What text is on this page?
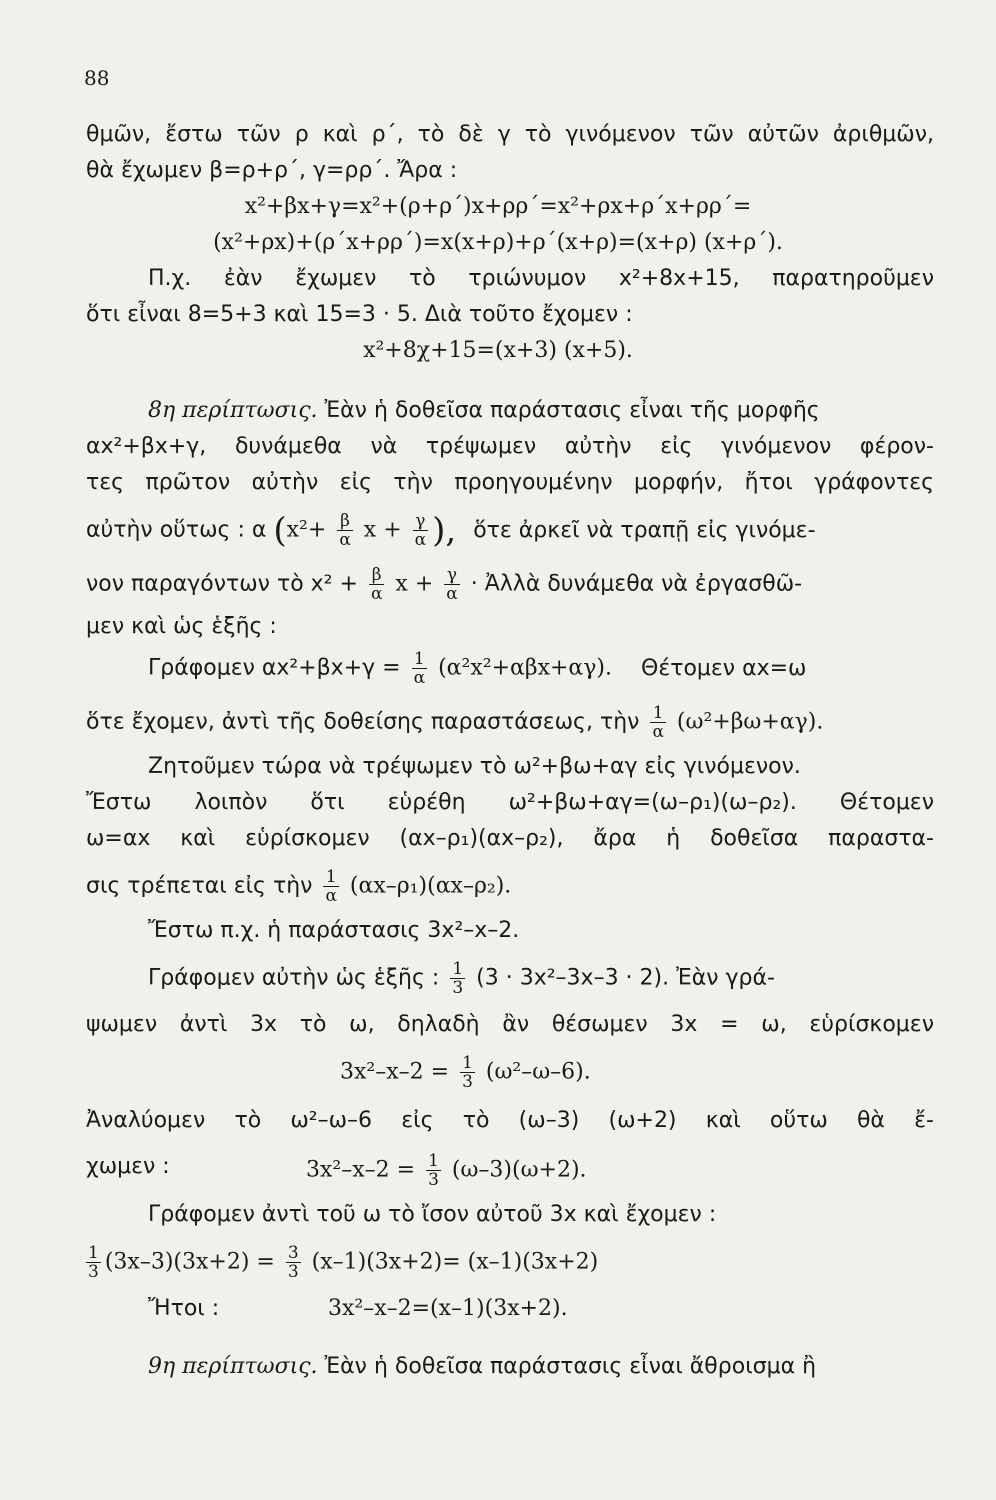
88
θμῶν, ἔστω τῶν ρ καὶ ρ΄, τὸ δὲ γ τὸ γινόμενον τῶν αὐτῶν ἀριθμῶν,
θὰ ἔχωμεν β=ρ+ρ΄, γ=ρρ΄. Ἄρα :
x²+βx+γ=x²+(ρ+ρ΄)x+ρρ΄=x²+ρx+ρ΄x+ρρ΄=
(x²+ρx)+(ρ΄x+ρρ΄)=x(x+ρ)+ρ΄(x+ρ)=(x+ρ) (x+ρ΄).
Π.χ. ἐὰν ἔχωμεν τὸ τριώνυμον x²+8x+15, παρατηροῦμεν
ὅτι εἶναι 8=5+3 καὶ 15=3 · 5. Διὰ τοῦτο ἔχομεν :
x²+8χ+15=(x+3) (x+5).
8η περίπτωσις. Ἐὰν ἡ δοθεῖσα παράστασις εἶναι τῆς μορφῆς
αx²+βx+γ, δυνάμεθα νὰ τρέψωμεν αὐτὴν εἰς γινόμενον φέρον-
τες πρῶτον αὐτὴν εἰς τὴν προηγουμένην μορφήν, ἤτοι γράφοντες
αὐτὴν οὕτως : α ($x^2+ \frac{\beta}{\alpha}$ $x + \frac{\gamma}{\alpha}$ ), ὅτε ἀρκεῖ νὰ τραπῇ εἰς γινόμε-
νον παραγόντων τὸ $x^2 + \frac{\beta}{\alpha}$ $x + \frac{\gamma}{\alpha}$ · Ἀλλὰ δυνάμεθα νὰ ἐργασθῶ-
μεν καὶ ὡς ἑξῆς :
Γράφομεν $\alpha x^2+\beta x+\gamma = \frac{1}{\alpha} (\alpha^2x^2+\alpha\beta x+\alpha\gamma)$. Θέτομεν αx=ω
ὅτε ἔχομεν, ἀντὶ τῆς δοθείσης παραστάσεως, τὴν $\frac{1}{\alpha} (\omega^2+\beta\omega+\alpha\gamma)$.
Ζητοῦμεν τώρα νὰ τρέψωμεν τὸ ω²+βω+αγ εἰς γινόμενον.
Ἔστω λοιπὸν ὅτι εὑρέθη ω²+βω+αγ=(ω–ρ₁)(ω–ρ₂). Θέτομεν
ω=αx καὶ εὑρίσκομεν (αx–ρ₁)(αx–ρ₂), ἄρα ἡ δοθεῖσα παραστα-
σις τρέπεται εἰς τὴν $\frac{1}{\alpha} (\alpha x-\rho_1)(\alpha x-\rho_2)$.
Ἔστω π.χ. ἡ παράστασις 3x²–x–2.
Γράφομεν αὐτὴν ὡς ἑξῆς : $\frac{1}{3} (3 \cdot 3x^2-3x-3 \cdot 2)$. Ἐὰν γρά-
ψωμεν ἀντὶ 3x τὸ ω, δηλαδὴ ἂν θέσωμεν 3x = ω, εὑρίσκομεν
$3x^2-x-2 = \frac{1}{3} (\omega^2-\omega-6)$.
Ἀναλύομεν τὸ ω²–ω–6 εἰς τὸ (ω–3) (ω+2) καὶ οὕτω θὰ ἔ-
χωμεν :	$3x^2-x-2 = \frac{1}{3} (\omega-3)(\omega+2)$.
Γράφομεν ἀντὶ τοῦ ω τὸ ἴσον αὐτοῦ 3x καὶ ἔχομεν :
$\frac{1}{3} (3x-3)(3x+2) = \frac{3}{3} (x-1)(3x+2)= (x-1)(3x+2)$
Ἤτοι :	3x²–x–2=(x–1)(3x+2).
9η περίπτωσις. Ἐὰν ἡ δοθεῖσα παράστασις εἶναι ἄθροισμα ἢ
